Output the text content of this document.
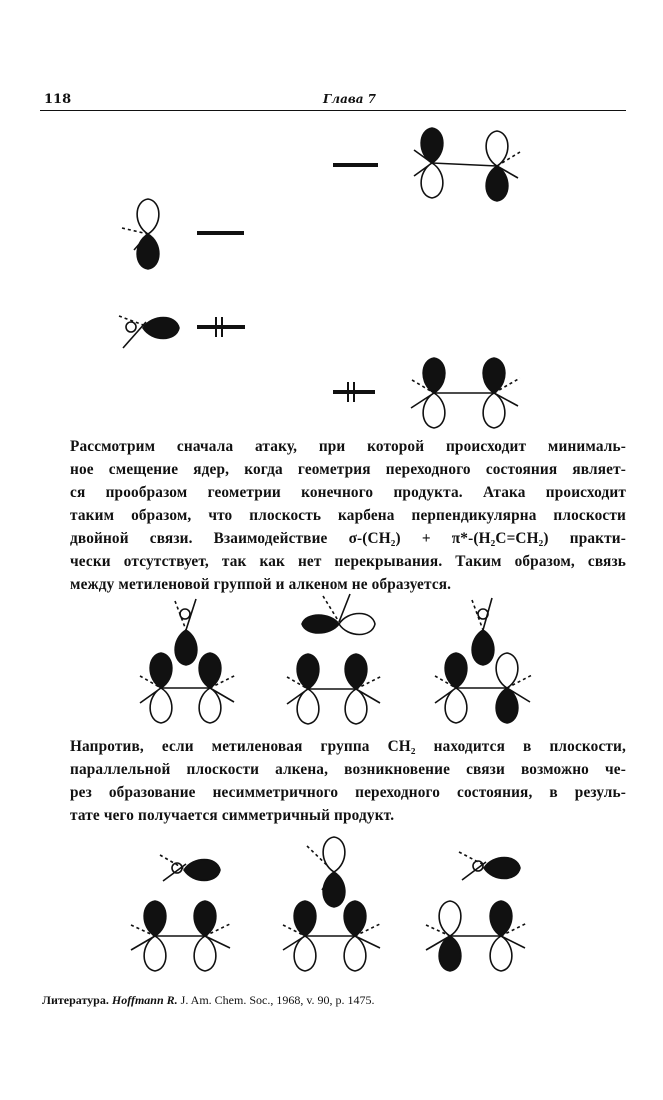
118	Глава 7
Рассмотрим сначала атаку, при которой происходит минималь-
ное смещение ядер, когда геометрия переходного состояния являет-
ся прообразом геометрии конечного продукта. Атака происходит
таким образом, что плоскость карбена перпендикулярна плоскости
двойной связи. Взаимодействие σ-(CH₂) + π*-(H₂C=CH₂) практи-
чески отсутствует, так как нет перекрывания. Таким образом, связь
между метиленовой группой и алкеном не образуется.
Напротив, если метиленовая группа CH₂ находится в плоскости,
параллельной плоскости алкена, возникновение связи возможно че-
рез образование несимметричного переходного состояния, в резуль-
тате чего получается симметричный продукт.
Литература. Hoffmann R. J. Am. Chem. Soc., 1968, v. 90, p. 1475.
